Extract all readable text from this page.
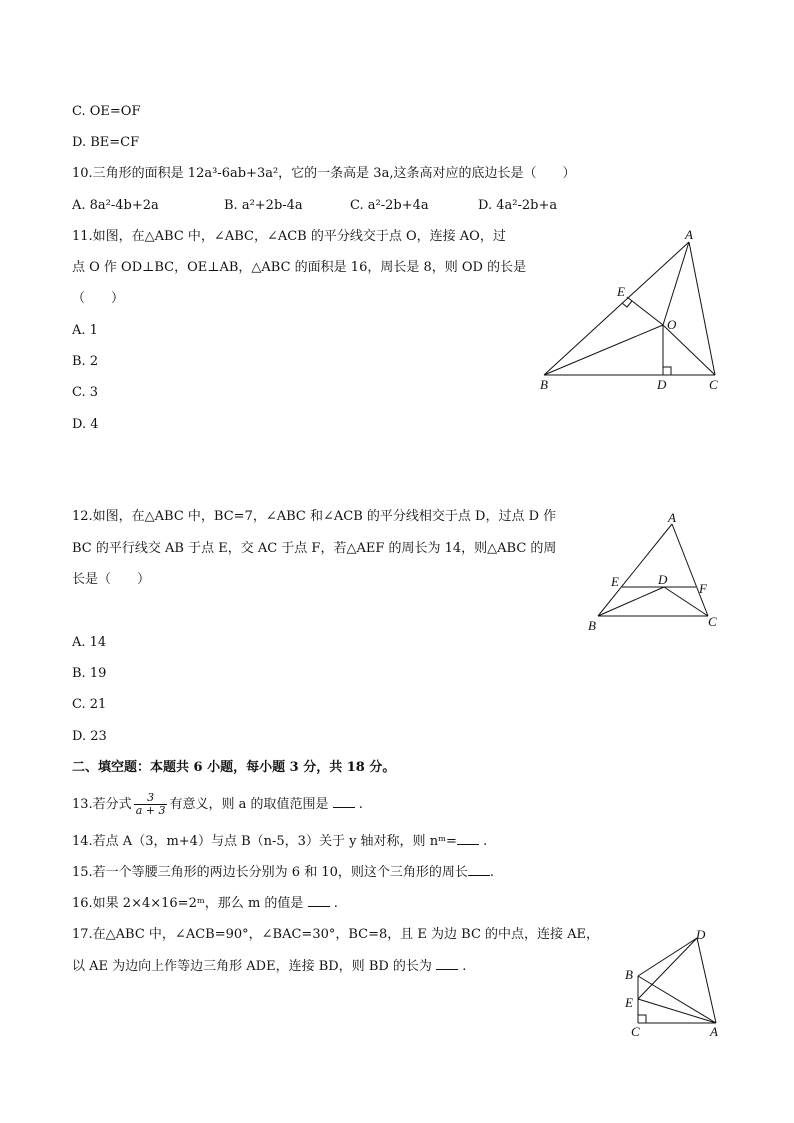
C. OE=OF
D. BE=CF
10.三角形的面积是 12a³-6ab+3a²，它的一条高是 3a,这条高对应的底边长是（　　）
A. 8a²-4b+2a	B. a²+2b-4a	C. a²-2b+4a	D. 4a²-2b+a
11.如图，在△ABC 中，∠ABC，∠ACB 的平分线交于点 O，连接 AO，过
点 O 作 OD⊥BC，OE⊥AB，△ABC 的面积是 16，周长是 8，则 OD 的长是
（　　）
A. 1
B. 2
C. 3
D. 4
A
E
O
B	D	C
12.如图，在△ABC 中，BC=7，∠ABC 和∠ACB 的平分线相交于点 D，过点 D 作
BC 的平行线交 AB 于点 E，交 AC 于点 F，若△AEF 的周长为 14，则△ABC 的周
长是（　　）
A. 14
B. 19
C. 21
D. 23
A
E	D
F
B	C
二、填空题：本题共 6 小题，每小题 3 分，共 18 分。
13.若分式 $\frac{3}{a + 3}$ 有意义，则 a 的取值范围是 .
14.若点 A（3，m+4）与点 B（n-5，3）关于 y 轴对称，则 nᵐ= .
15.若一个等腰三角形的两边长分别为 6 和 10，则这个三角形的周长 .
16.如果 2×4×16=2ᵐ，那么 m 的值是 .
17.在△ABC 中，∠ACB=90°，∠BAC=30°，BC=8，且 E 为边 BC 的中点，连接 AE，
以 AE 为边向上作等边三角形 ADE，连接 BD，则 BD 的长为 .
D
B
E
C	A
